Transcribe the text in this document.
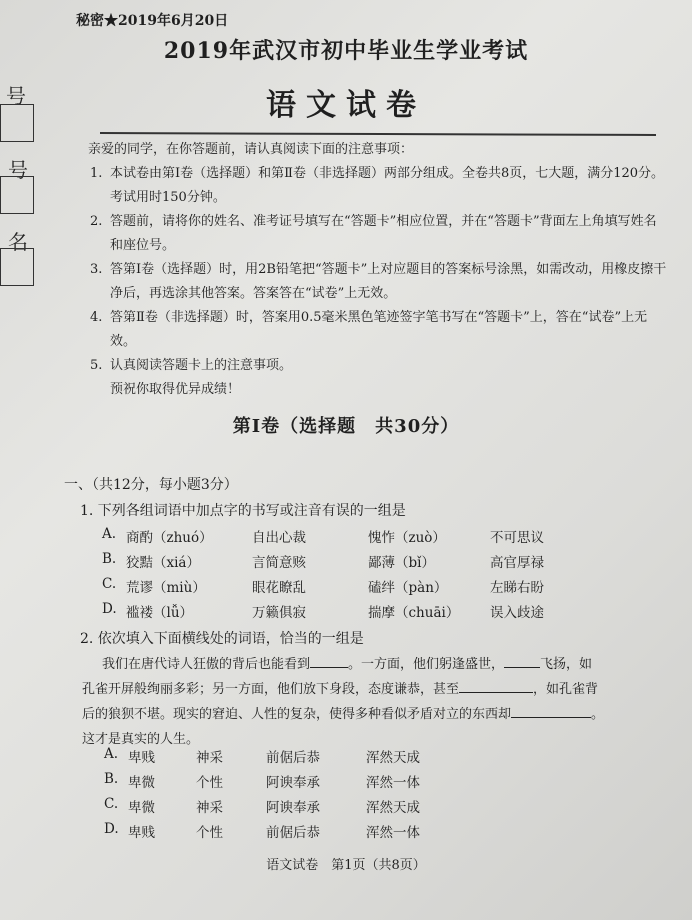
秘密★2019年6月20日
2019年武汉市初中毕业生学业考试
语文试卷
号
号
名
亲爱的同学，在你答题前，请认真阅读下面的注意事项：
1. 本试卷由第Ⅰ卷（选择题）和第Ⅱ卷（非选择题）两部分组成。全卷共8页，七大题，满分120分。考试用时150分钟。
2. 答题前，请将你的姓名、准考证号填写在“答题卡”相应位置，并在“答题卡”背面左上角填写姓名和座位号。
3. 答第Ⅰ卷（选择题）时，用2B铅笔把“答题卡”上对应题目的答案标号涂黑，如需改动，用橡皮擦干净后，再选涂其他答案。答案答在“试卷”上无效。
4. 答第Ⅱ卷（非选择题）时，答案用0.5毫米黑色笔迹签字笔书写在“答题卡”上，答在“试卷”上无效。
5. 认真阅读答题卡上的注意事项。
预祝你取得优异成绩！
第Ⅰ卷（选择题　共30分）
一、（共12分，每小题3分）
1. 下列各组词语中加点字的书写或注音有误的一组是
A. 商酌（zhuó）	自出心裁	愧怍（zuò）	不可思议
B. 狡黠（xiá）	言简意赅	鄙薄（bǐ）	高官厚禄
C. 荒谬（miù）	眼花瞭乱	磕绊（pàn）	左睇右盼
D. 褴褛（lǚ）	万籁俱寂	揣摩（chuāi） 误入歧途
2. 依次填入下面横线处的词语，恰当的一组是
我们在唐代诗人狂傲的背后也能看到	。一方面，他们躬逢盛世，	飞扬，如
孔雀开屏般绚丽多彩；另一方面，他们放下身段，态度谦恭，甚至	，如孔雀背
后的狼狈不堪。现实的窘迫、人性的复杂，使得多种看似矛盾对立的东西却	。
这才是真实的人生。
A. 卑贱	神采	前倨后恭	浑然天成
B. 卑微	个性	阿谀奉承	浑然一体
C. 卑微	神采	阿谀奉承	浑然天成
D. 卑贱	个性	前倨后恭	浑然一体
语文试卷　第1页（共8页）
